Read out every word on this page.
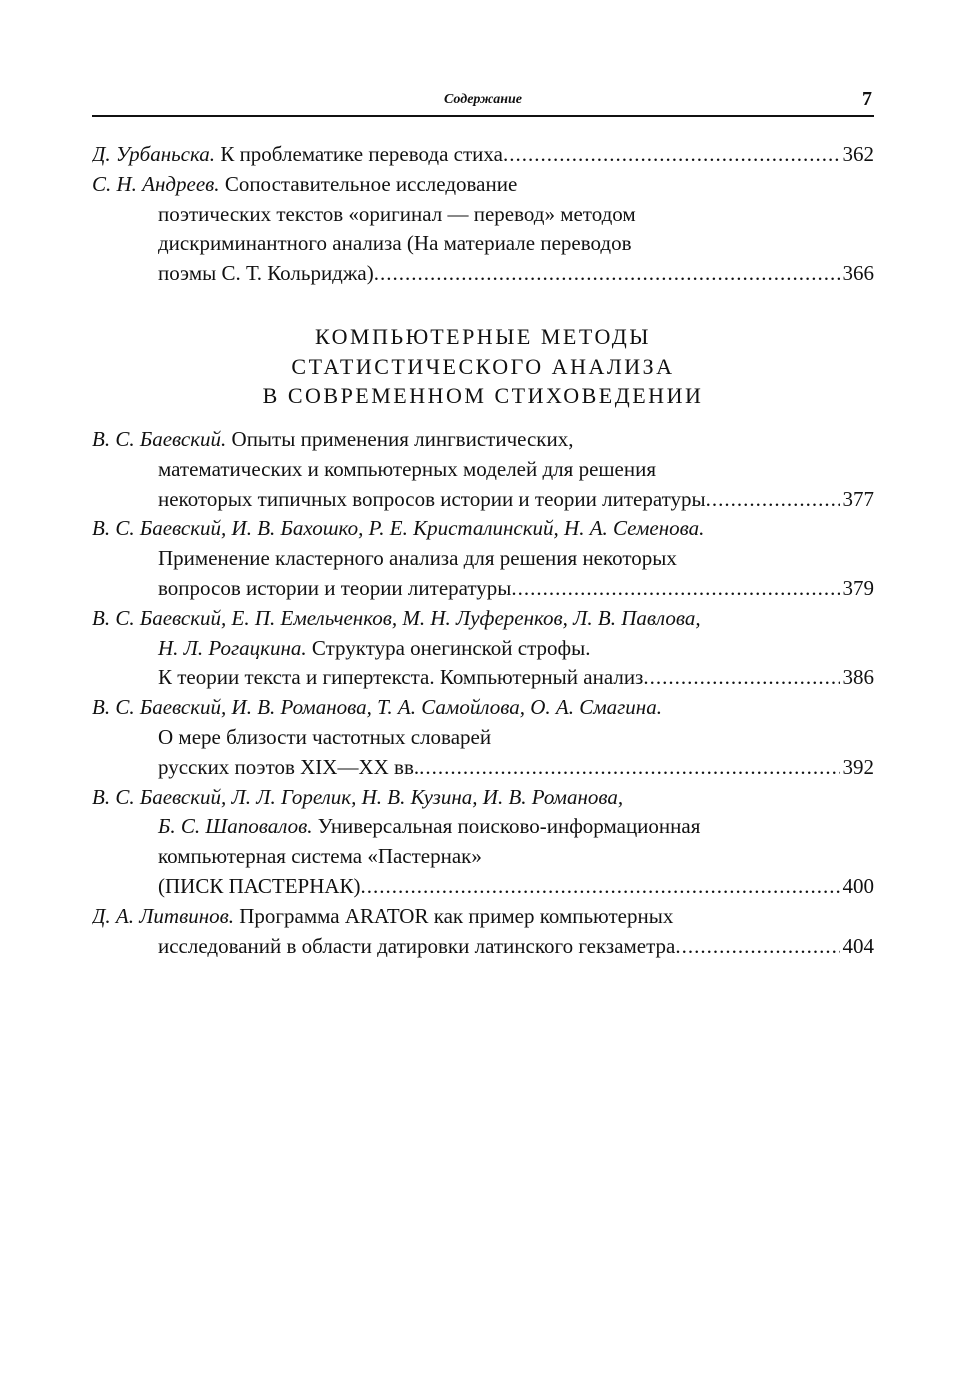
Содержание	7
Д. Урбаньска. К проблематике перевода стиха .....	362
С. Н. Андреев. Сопоставительное исследование
поэтических текстов «оригинал — перевод» методом
дискриминантного анализа (На материале переводов
поэмы С. Т. Кольриджа) .....	366
КОМПЬЮТЕРНЫЕ МЕТОДЫ
СТАТИСТИЧЕСКОГО АНАЛИЗА
В СОВРЕМЕННОМ СТИХОВЕДЕНИИ
В. С. Баевский. Опыты применения лингвистических,
математических и компьютерных моделей для решения
некоторых типичных вопросов истории и теории литературы .....	377
В. С. Баевский, И. В. Бахошко, Р. Е. Кристалинский, Н. А. Семенова.
Применение кластерного анализа для решения некоторых
вопросов истории и теории литературы .....	379
В. С. Баевский, Е. П. Емельченков, М. Н. Луференков, Л. В. Павлова,
Н. Л. Рогацкина. Структура онегинской строфы.
К теории текста и гипертекста. Компьютерный анализ .....	386
В. С. Баевский, И. В. Романова, Т. А. Самойлова, О. А. Смагина.
О мере близости частотных словарей
русских поэтов XIX—XX вв. .....	392
В. С. Баевский, Л. Л. Горелик, Н. В. Кузина, И. В. Романова,
Б. С. Шаповалов. Универсальная поисково-информационная
компьютерная система «Пастернак»
(ПИСК ПАСТЕРНАК) .....	400
Д. А. Литвинов. Программа ARATOR как пример компьютерных
исследований в области датировки латинского гекзаметра .....	404
